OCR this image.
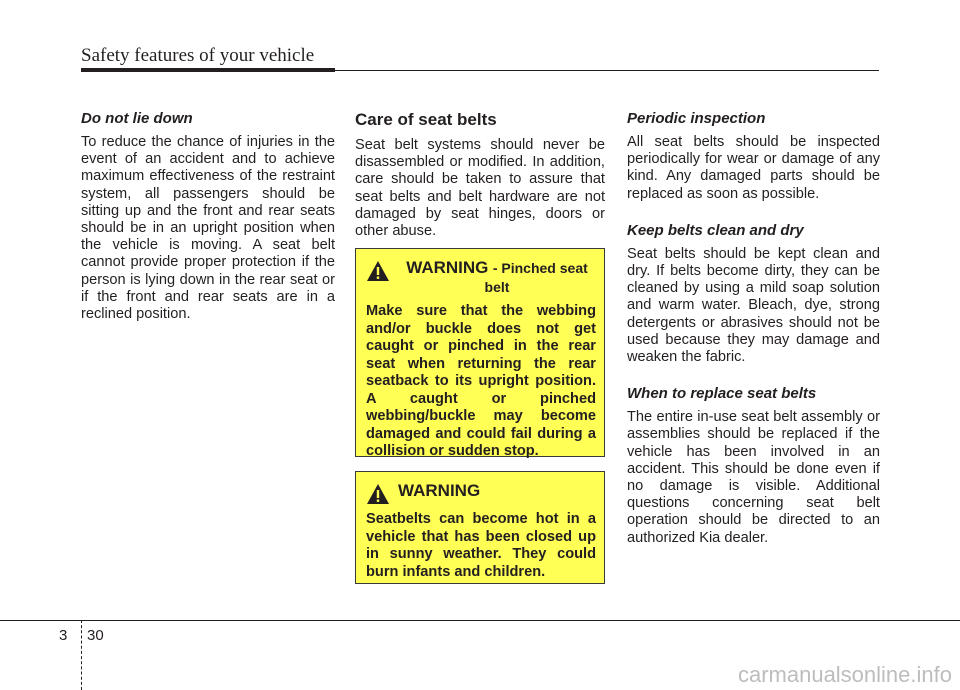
Safety features of your vehicle
Do not lie down

To reduce the chance of injuries in the event of an accident and to achieve maximum effectiveness of the restraint system, all passengers should be sitting up and the front and rear seats should be in an upright position when the vehicle is moving. A seat belt cannot provide proper protection if the person is lying down in the rear seat or if the front and rear seats are in a reclined position.

Care of seat belts

Seat belt systems should never be disassembled or modified. In addition, care should be taken to assure that seat belts and belt hardware are not damaged by seat hinges, doors or other abuse.

WARNING - Pinched seat belt

Make sure that the webbing and/or buckle does not get caught or pinched in the rear seat when returning the rear seatback to its upright position. A caught or pinched webbing/buckle may become damaged and could fail during a collision or sudden stop.

WARNING

Seatbelts can become hot in a vehicle that has been closed up in sunny weather. They could burn infants and children.

Periodic inspection

All seat belts should be inspected periodically for wear or damage of any kind. Any damaged parts should be replaced as soon as possible.

Keep belts clean and dry

Seat belts should be kept clean and dry. If belts become dirty, they can be cleaned by using a mild soap solution and warm water. Bleach, dye, strong detergents or abrasives should not be used because they may damage and weaken the fabric.

When to replace seat belts

The entire in-use seat belt assembly or assemblies should be replaced if the vehicle has been involved in an accident. This should be done even if no damage is visible. Additional questions concerning seat belt operation should be directed to an authorized Kia dealer.

3 30
carmanualsonline.info
